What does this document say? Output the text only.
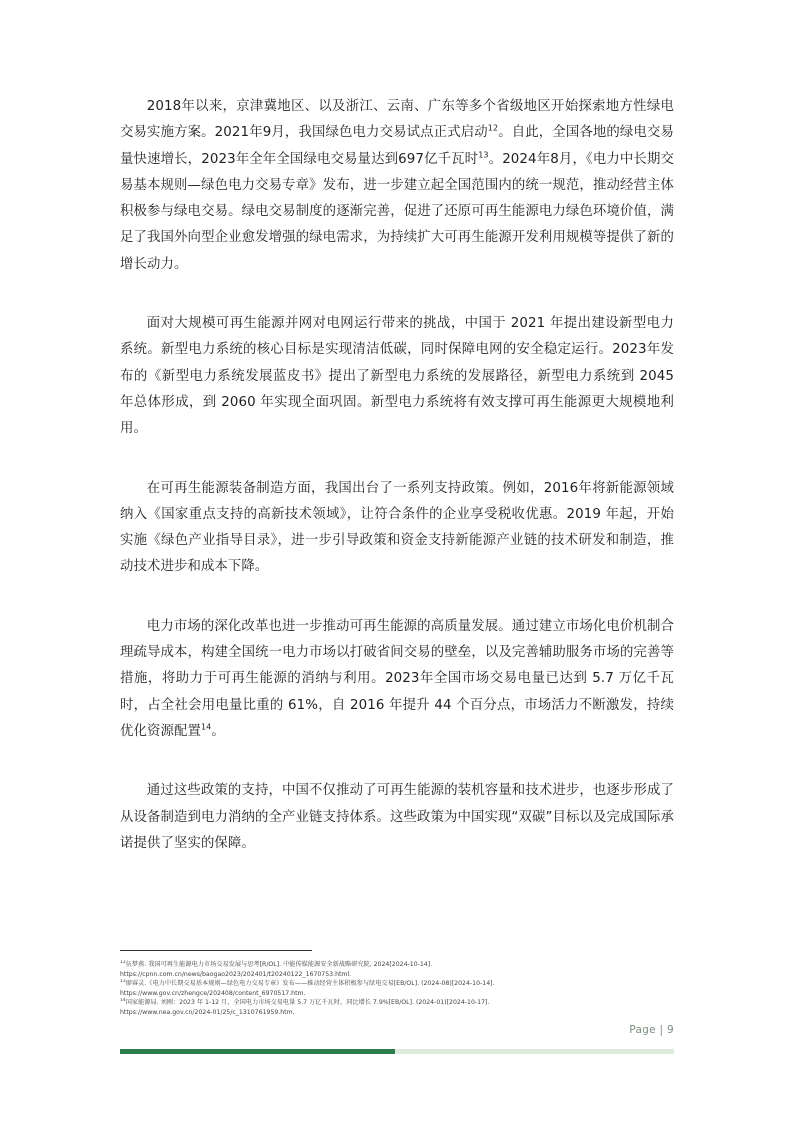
2018年以来，京津冀地区、以及浙江、云南、广东等多个省级地区开始探索地方性绿电交易实施方案。2021年9月，我国绿色电力交易试点正式启动$^{12}$。自此，全国各地的绿电交易量快速增长，2023年全年全国绿电交易量达到697亿千瓦时$^{13}$。2024年8月，《电力中长期交易基本规则—绿色电力交易专章》发布，进一步建立起全国范围内的统一规范，推动经营主体积极参与绿电交易。绿电交易制度的逐渐完善，促进了还原可再生能源电力绿色环境价值，满足了我国外向型企业愈发增强的绿电需求，为持续扩大可再生能源开发利用规模等提供了新的增长动力。

面对大规模可再生能源并网对电网运行带来的挑战，中国于 2021 年提出建设新型电力系统。新型电力系统的核心目标是实现清洁低碳，同时保障电网的安全稳定运行。2023年发布的《新型电力系统发展蓝皮书》提出了新型电力系统的发展路径，新型电力系统到 2045 年总体形成，到 2060 年实现全面巩固。新型电力系统将有效支撑可再生能源更大规模地利用。

在可再生能源装备制造方面，我国出台了一系列支持政策。例如，2016年将新能源领域纳入《国家重点支持的高新技术领域》，让符合条件的企业享受税收优惠。2019 年起，开始实施《绿色产业指导目录》，进一步引导政策和资金支持新能源产业链的技术研发和制造，推动技术进步和成本下降。

电力市场的深化改革也进一步推动可再生能源的高质量发展。通过建立市场化电价机制合理疏导成本，构建全国统一电力市场以打破省间交易的壁垒，以及完善辅助服务市场的完善等措施，将助力于可再生能源的消纳与利用。2023年全国市场交易电量已达到 5.7 万亿千瓦时，占全社会用电量比重的 61%，自 2016 年提升 44 个百分点，市场活力不断激发，持续优化资源配置$^{14}$。

通过这些政策的支持，中国不仅推动了可再生能源的装机容量和技术进步，也逐步形成了从设备制造到电力消纳的全产业链支持体系。这些政策为中国实现“双碳”目标以及完成国际承诺提供了坚实的保障。

$^{12}$伍梦燕. 我国可再生能源电力市场交易发展与思考[R/OL]. 中能传媒能源安全新战略研究院, 2024[2024-10-14].
https://cpnn.com.cn/news/baogao2023/202401/t20240122_1670753.html.
$^{13}$廖睿灵.《电力中长期交易基本规则—绿色电力交易专章》发布——推动经营主体积极参与绿电交易[EB/OL]. (2024-08)[2024-10-14].
https://www.gov.cn/zhengce/202408/content_6970517.htm.
$^{14}$国家能源局. 刘刚：2023 年 1-12 月，全国电力市场交易电量 5.7 万亿千瓦时，同比增长 7.9%[EB/OL]. (2024-01)[2024-10-17].
https://www.nea.gov.cn/2024-01/25/c_1310761959.htm.
Page | 9
